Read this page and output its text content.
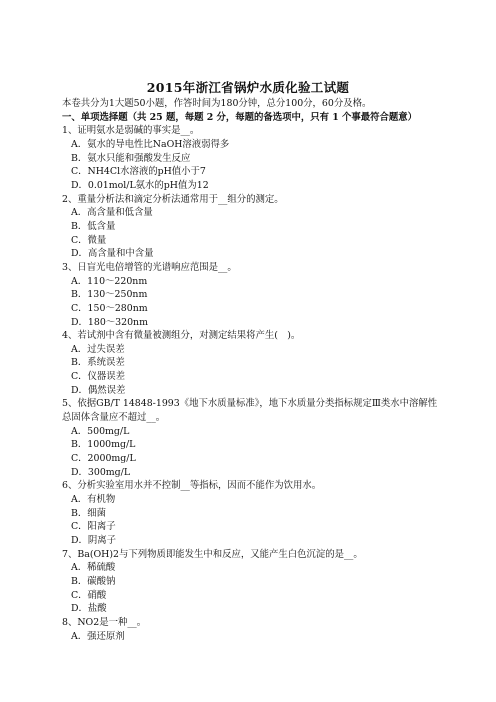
2015年浙江省锅炉水质化验工试题
本卷共分为1大题50小题，作答时间为180分钟，总分100分，60分及格。
一、单项选择题（共 25 题，每题 2 分，每题的备选项中，只有 1 个事最符合题意）
1、证明氨水是弱碱的事实是__。
A．氨水的导电性比NaOH溶液弱得多
B．氨水只能和强酸发生反应
C．NH4Cl水溶液的pH值小于7
D．0.01mol/L氨水的pH值为12
2、重量分析法和滴定分析法通常用于__组分的测定。
A．高含量和低含量
B．低含量
C．微量
D．高含量和中含量
3、日盲光电倍增管的光谱响应范围是__。
A．110～220nm
B．130～250nm
C．150～280nm
D．180～320nm
4、若试剂中含有微量被测组分，对测定结果将产生(　)。
A．过失误差
B．系统误差
C．仪器误差
D．偶然误差
5、依据GB/T 14848-1993《地下水质量标准》，地下水质量分类指标规定Ⅲ类水中溶解性总固体含量应不超过__。
A．500mg/L
B．1000mg/L
C．2000mg/L
D．300mg/L
6、分析实验室用水并不控制__等指标，因而不能作为饮用水。
A．有机物
B．细菌
C．阳离子
D．阴离子
7、Ba(OH)2与下列物质即能发生中和反应，又能产生白色沉淀的是__。
A．稀硫酸
B．碳酸钠
C．硝酸
D．盐酸
8、NO2是一种__。
A．强还原剂
